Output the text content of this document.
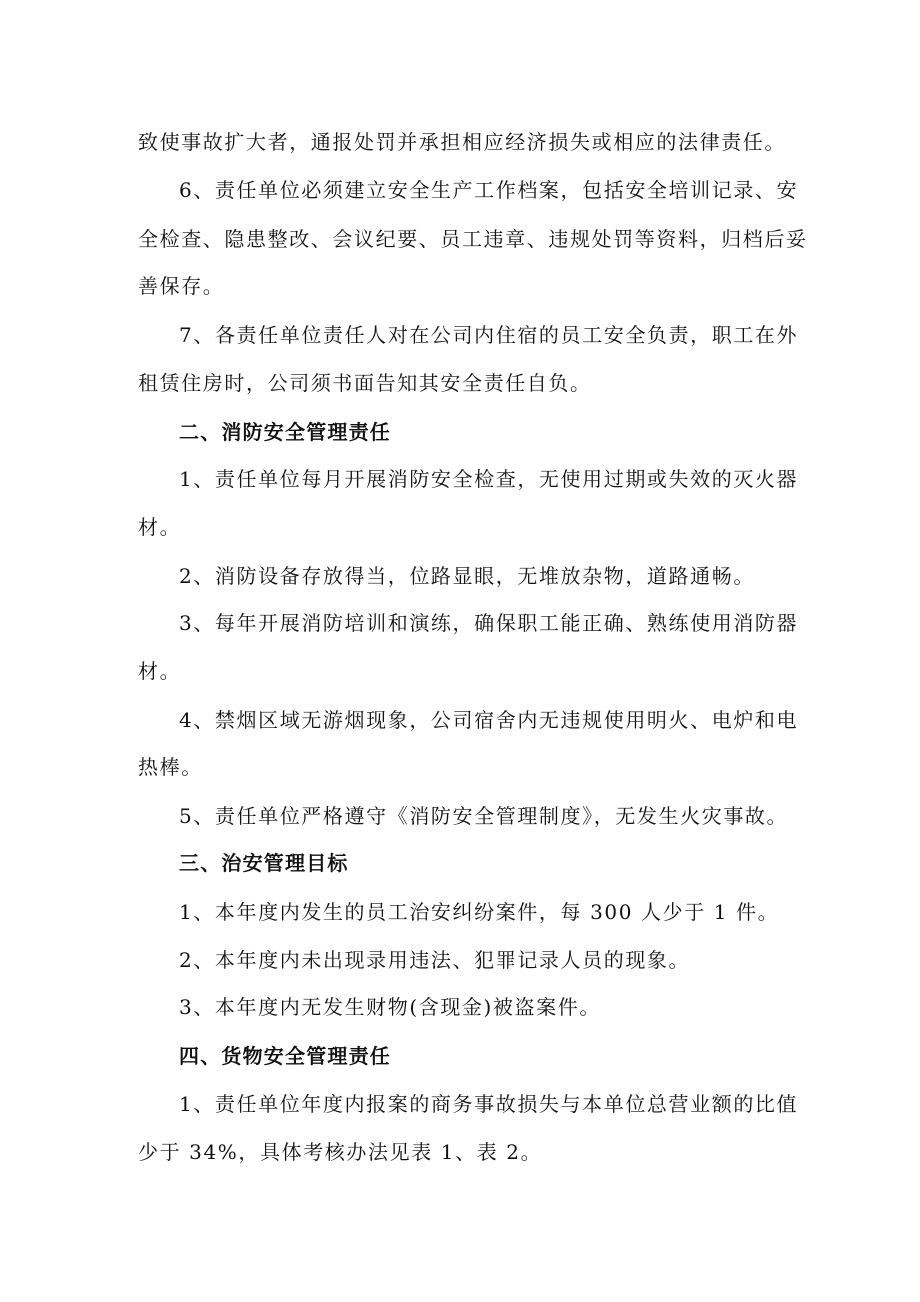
致使事故扩大者，通报处罚并承担相应经济损失或相应的法律责任。
6、责任单位必须建立安全生产工作档案，包括安全培训记录、安
全检查、隐患整改、会议纪要、员工违章、违规处罚等资料，归档后妥
善保存。
7、各责任单位责任人对在公司内住宿的员工安全负责，职工在外
租赁住房时，公司须书面告知其安全责任自负。
二、消防安全管理责任
1、责任单位每月开展消防安全检查，无使用过期或失效的灭火器
材。
2、消防设备存放得当，位路显眼，无堆放杂物，道路通畅。
3、每年开展消防培训和演练，确保职工能正确、熟练使用消防器
材。
4、禁烟区域无游烟现象，公司宿舍内无违规使用明火、电炉和电
热棒。
5、责任单位严格遵守《消防安全管理制度》，无发生火灾事故。
三、治安管理目标
1、本年度内发生的员工治安纠纷案件，每 300 人少于 1 件。
2、本年度内未出现录用违法、犯罪记录人员的现象。
3、本年度内无发生财物(含现金)被盗案件。
四、货物安全管理责任
1、责任单位年度内报案的商务事故损失与本单位总营业额的比值
少于 34%，具体考核办法见表 1、表 2。
